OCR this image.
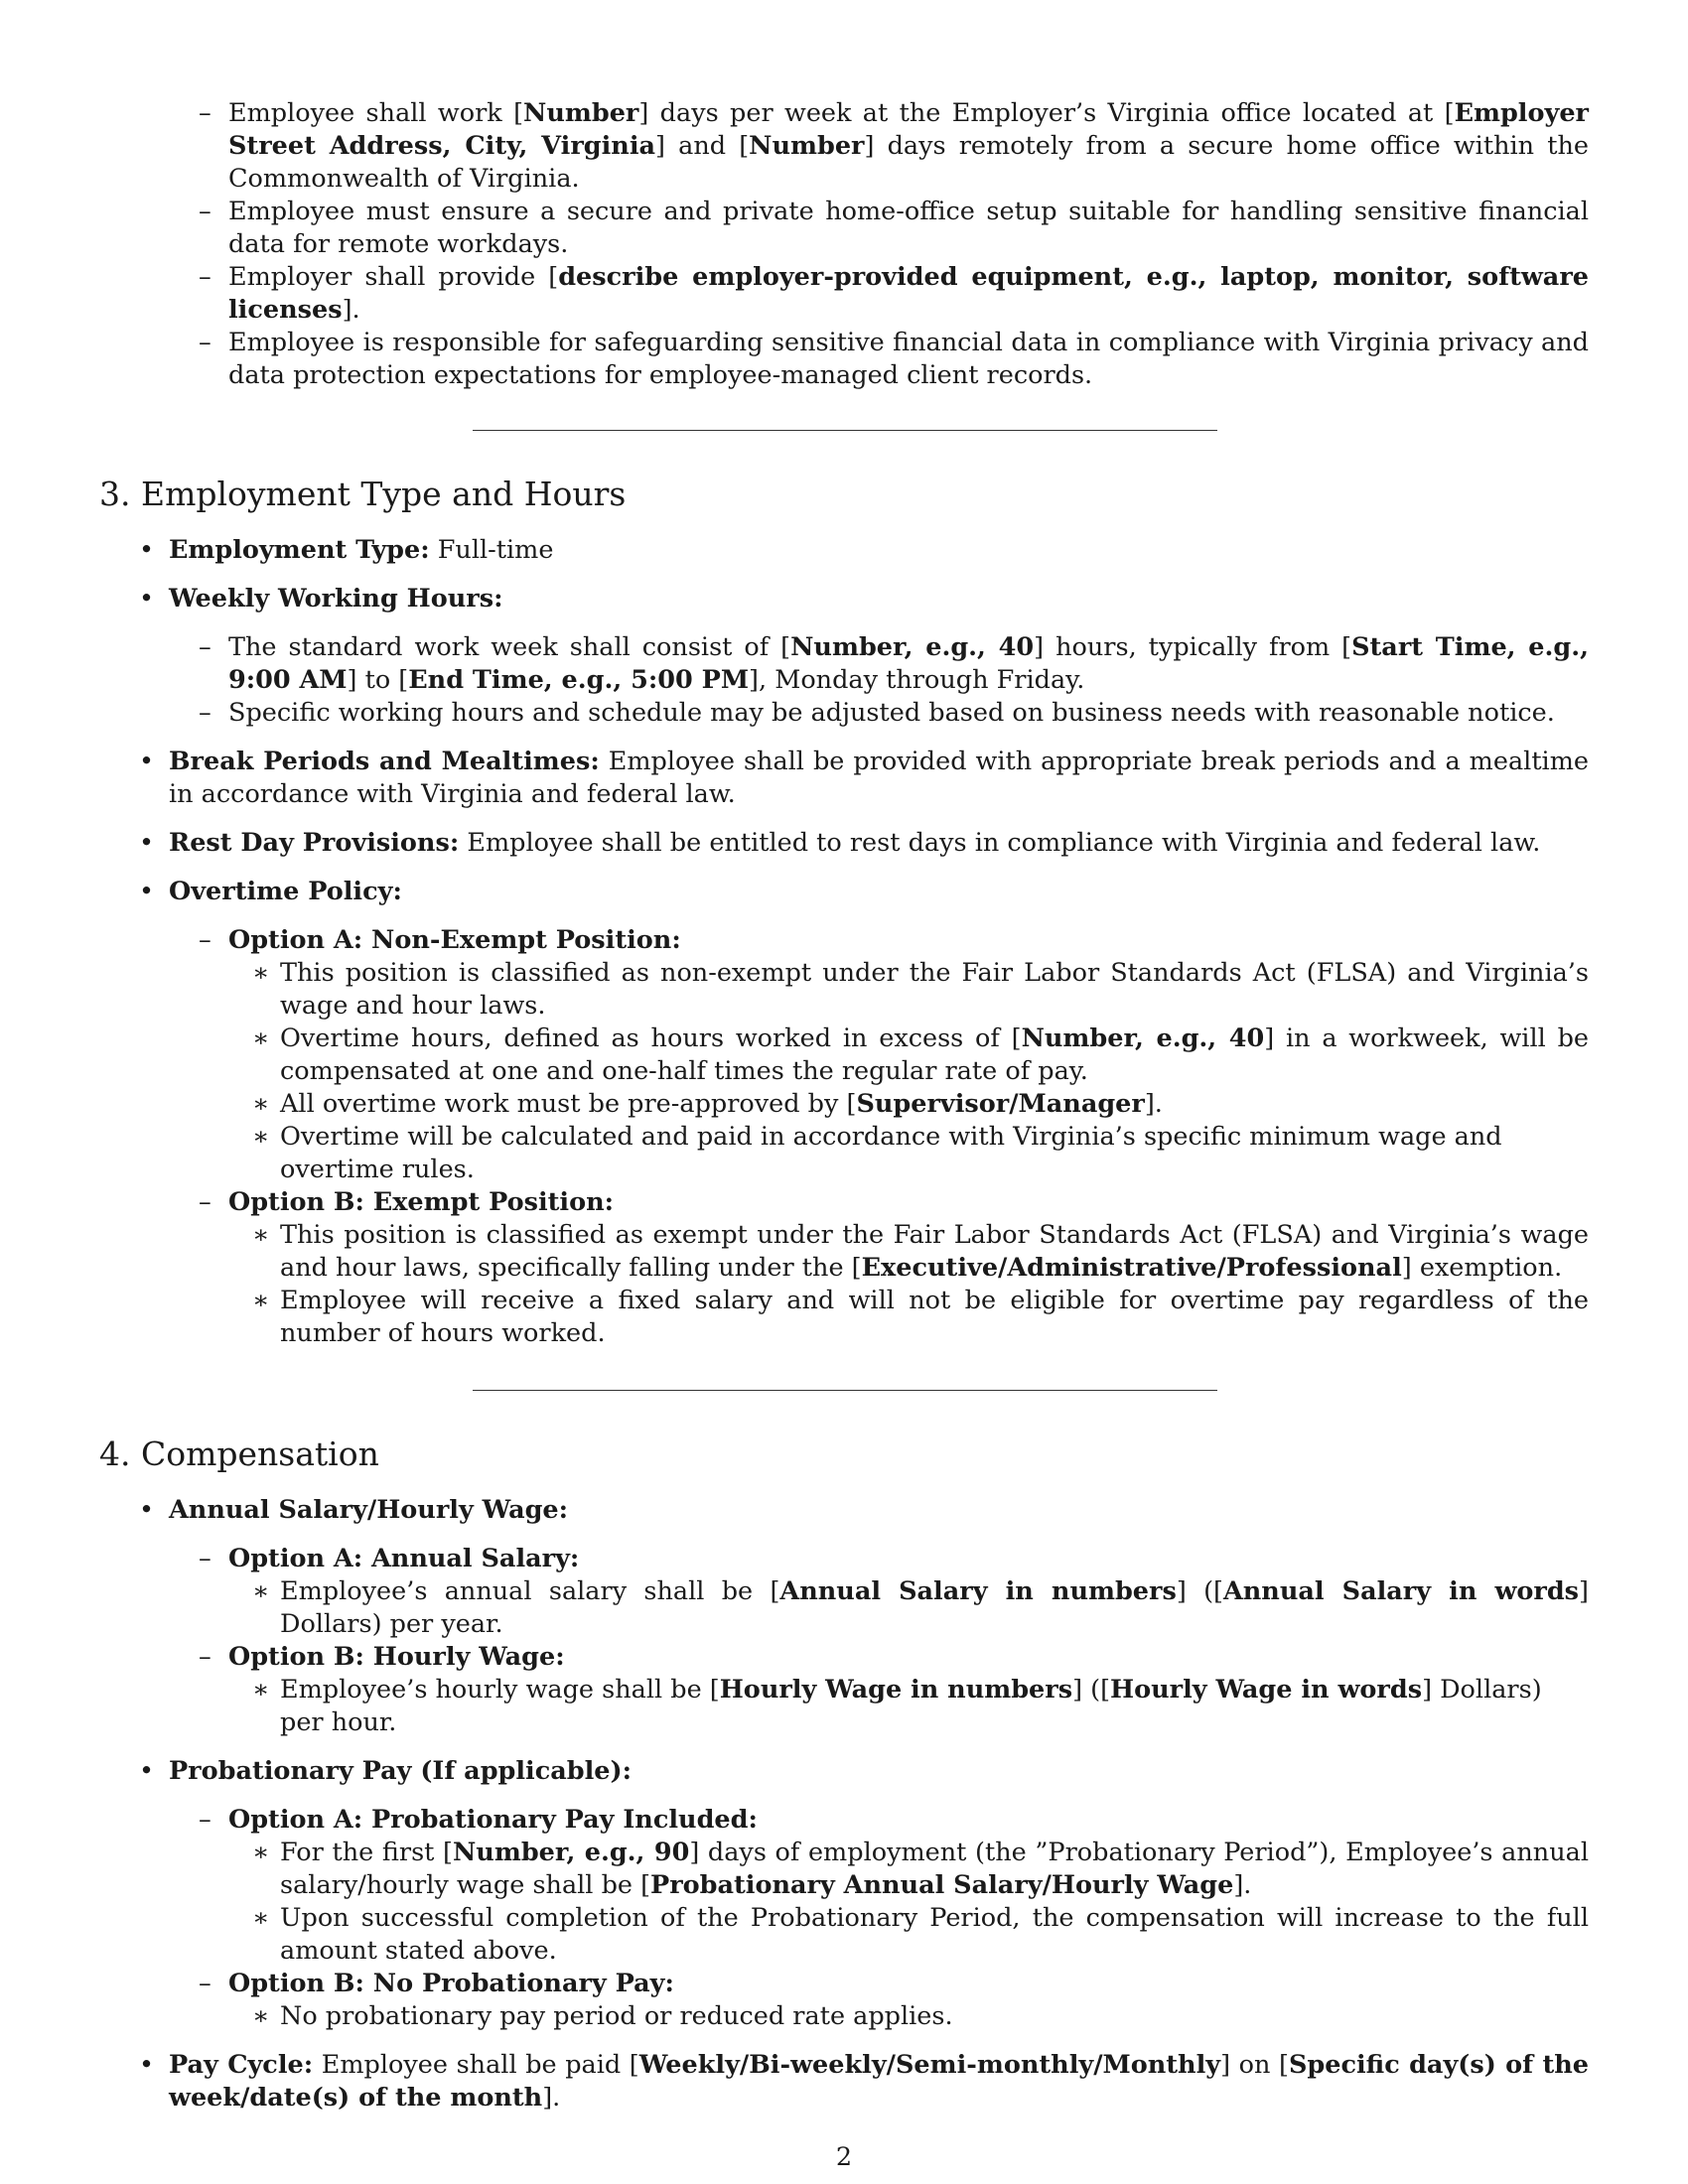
– Employee shall work [Number] days per week at the Employer’s Virginia office located at [Employer Street Address, City, Virginia] and [Number] days remotely from a secure home office within the Commonwealth of Virginia.
– Employee must ensure a secure and private home-office setup suitable for handling sensitive financial data for remote workdays.
– Employer shall provide [describe employer-provided equipment, e.g., laptop, monitor, software licenses].
– Employee is responsible for safeguarding sensitive financial data in compliance with Virginia privacy and data protection expectations for employee-managed client records.
3. Employment Type and Hours
• Employment Type: Full-time
• Weekly Working Hours:
– The standard work week shall consist of [Number, e.g., 40] hours, typically from [Start Time, e.g., 9:00 AM] to [End Time, e.g., 5:00 PM], Monday through Friday.
– Specific working hours and schedule may be adjusted based on business needs with reasonable notice.
• Break Periods and Mealtimes: Employee shall be provided with appropriate break periods and a mealtime in accordance with Virginia and federal law.
• Rest Day Provisions: Employee shall be entitled to rest days in compliance with Virginia and federal law.
• Overtime Policy:
– Option A: Non-Exempt Position:
∗ This position is classified as non-exempt under the Fair Labor Standards Act (FLSA) and Virginia’s wage and hour laws.
∗ Overtime hours, defined as hours worked in excess of [Number, e.g., 40] in a workweek, will be compensated at one and one-half times the regular rate of pay.
∗ All overtime work must be pre-approved by [Supervisor/Manager].
∗ Overtime will be calculated and paid in accordance with Virginia’s specific minimum wage and overtime rules.
– Option B: Exempt Position:
∗ This position is classified as exempt under the Fair Labor Standards Act (FLSA) and Virginia’s wage and hour laws, specifically falling under the [Executive/Administrative/Professional] exemption.
∗ Employee will receive a fixed salary and will not be eligible for overtime pay regardless of the number of hours worked.
4. Compensation
• Annual Salary/Hourly Wage:
– Option A: Annual Salary:
∗ Employee’s annual salary shall be [Annual Salary in numbers] ([Annual Salary in words] Dollars) per year.
– Option B: Hourly Wage:
∗ Employee’s hourly wage shall be [Hourly Wage in numbers] ([Hourly Wage in words] Dollars) per hour.
• Probationary Pay (If applicable):
– Option A: Probationary Pay Included:
∗ For the first [Number, e.g., 90] days of employment (the ”Probationary Period”), Employee’s annual salary/hourly wage shall be [Probationary Annual Salary/Hourly Wage].
∗ Upon successful completion of the Probationary Period, the compensation will increase to the full amount stated above.
– Option B: No Probationary Pay:
∗ No probationary pay period or reduced rate applies.
• Pay Cycle: Employee shall be paid [Weekly/Bi-weekly/Semi-monthly/Monthly] on [Specific day(s) of the week/date(s) of the month].
2
